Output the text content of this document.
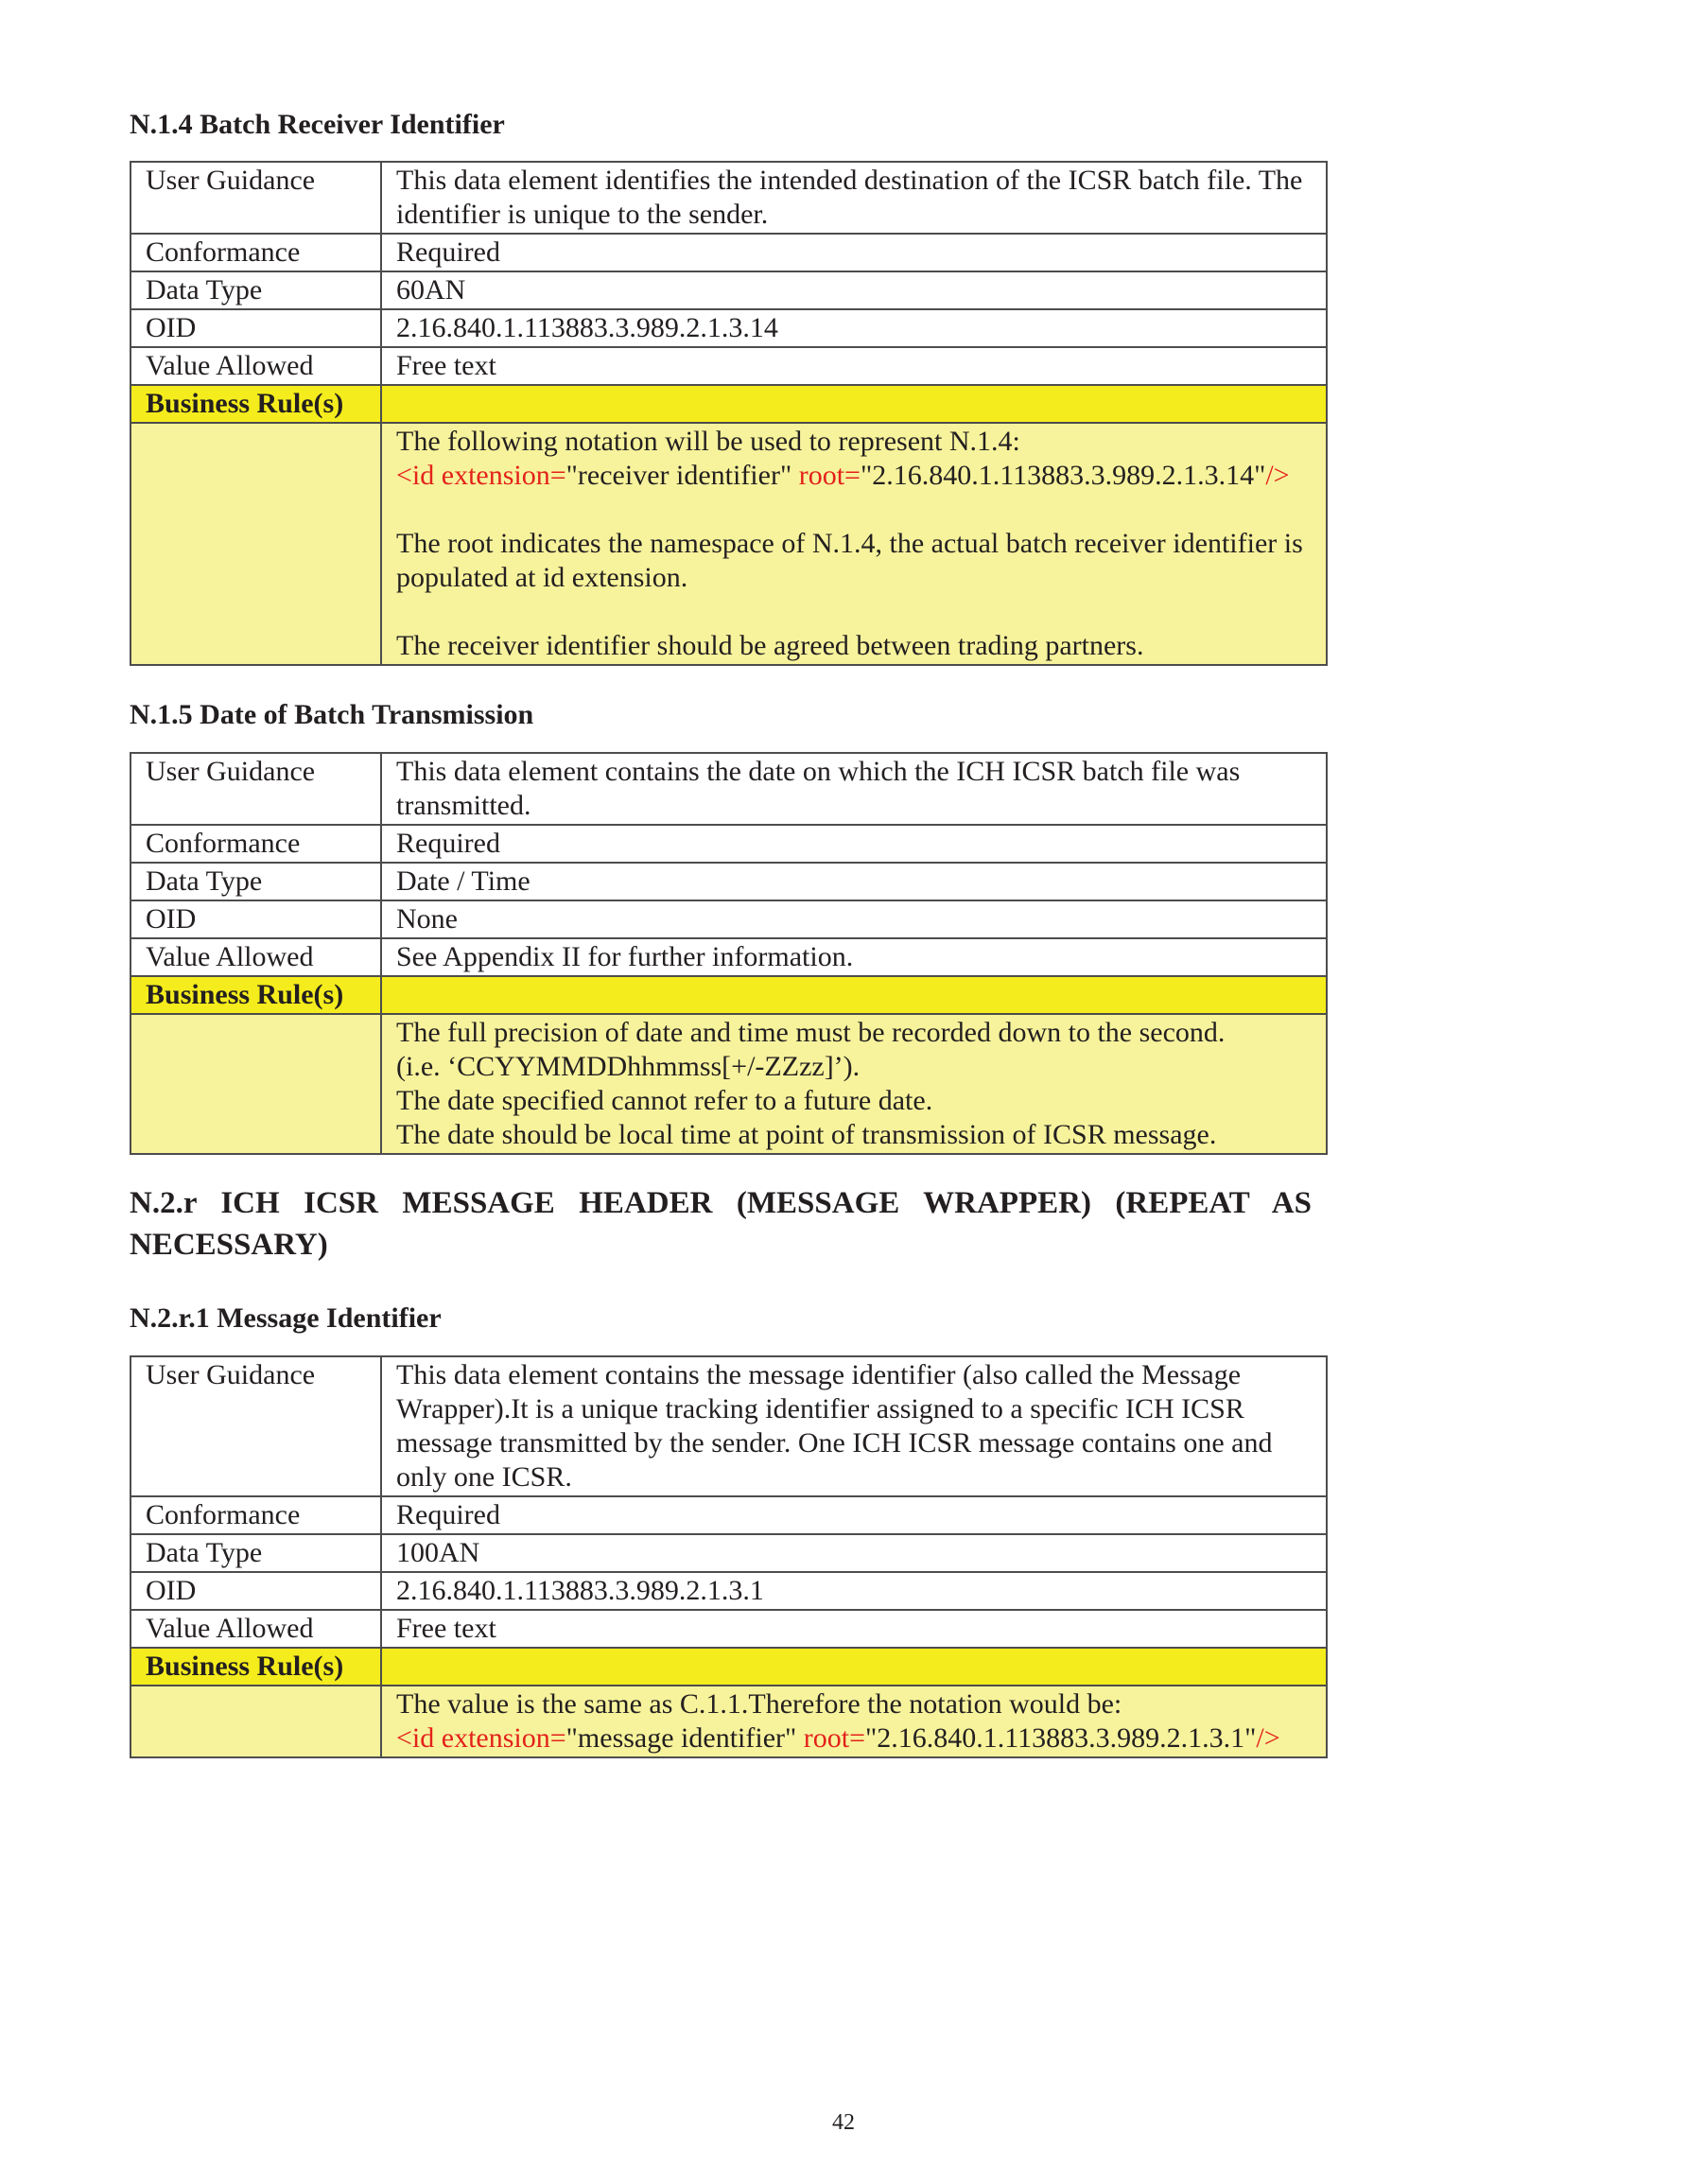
N.1.4 Batch Receiver Identifier
User Guidance	This data element identifies the intended destination of the ICSR batch file. The identifier is unique to the sender.
Conformance	Required
Data Type	60AN
OID	2.16.840.1.113883.3.989.2.1.3.14
Value Allowed	Free text
Business Rule(s)	

	The following notation will be used to represent N.1.4:
<id extension="receiver identifier" root="2.16.840.1.113883.3.989.2.1.3.14"/>
The root indicates the namespace of N.1.4, the actual batch receiver identifier is populated at id extension.
The receiver identifier should be agreed between trading partners.
N.1.5 Date of Batch Transmission
User Guidance	This data element contains the date on which the ICH ICSR batch file was transmitted.
Conformance	Required
Data Type	Date / Time
OID	None
Value Allowed	See Appendix II for further information.
Business Rule(s)	

	The full precision of date and time must be recorded down to the second.
(i.e. ‘CCYYMMDDhhmmss[+/-ZZzz]’).
The date specified cannot refer to a future date.
The date should be local time at point of transmission of ICSR message.
N.2.r ICH ICSR MESSAGE HEADER (MESSAGE WRAPPER) (REPEAT AS NECESSARY)
N.2.r.1 Message Identifier
User Guidance	This data element contains the message identifier (also called the Message Wrapper).It is a unique tracking identifier assigned to a specific ICH ICSR message transmitted by the sender. One ICH ICSR message contains one and only one ICSR.
Conformance	Required
Data Type	100AN
OID	2.16.840.1.113883.3.989.2.1.3.1
Value Allowed	Free text
Business Rule(s)	

	The value is the same as C.1.1.Therefore the notation would be:
<id extension="message identifier" root="2.16.840.1.113883.3.989.2.1.3.1"/>
42
